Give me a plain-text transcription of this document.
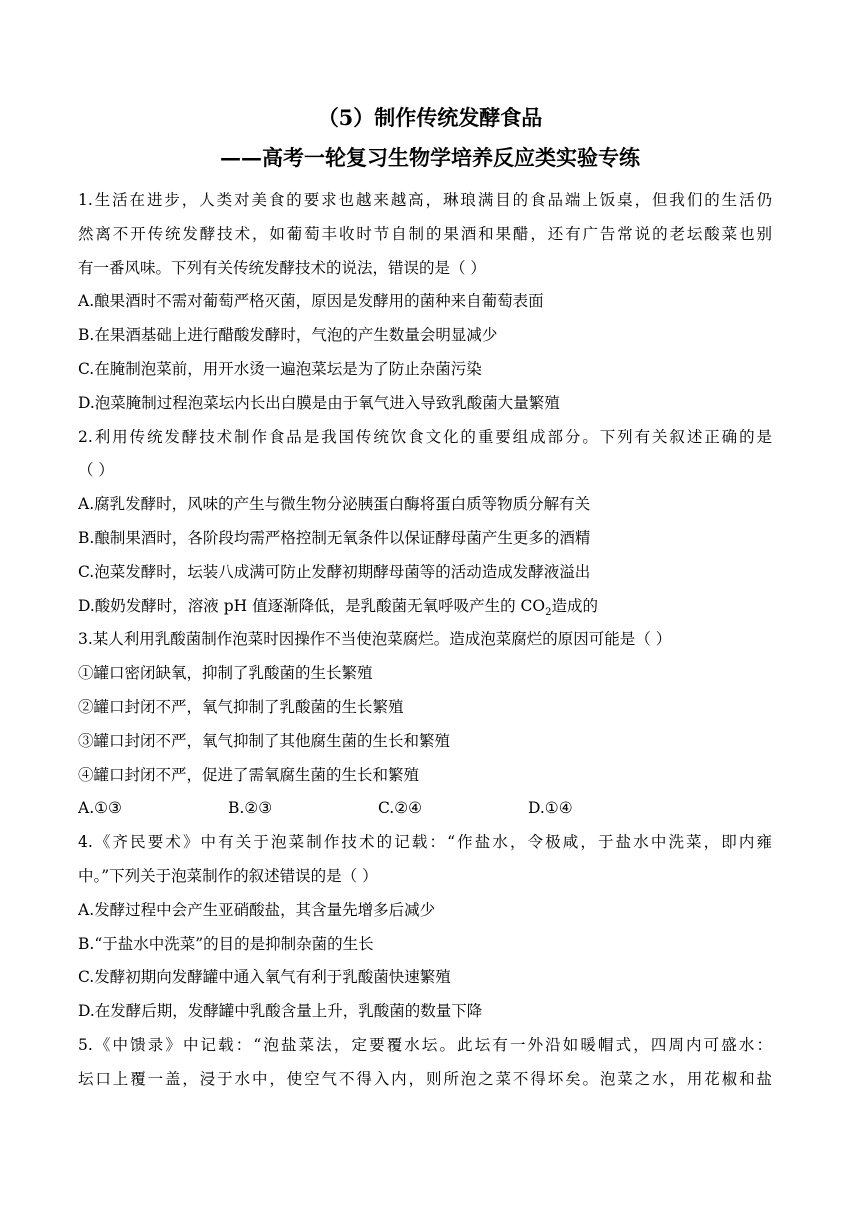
（5）制作传统发酵食品
——高考一轮复习生物学培养反应类实验专练
1.生活在进步，人类对美食的要求也越来越高，琳琅满目的食品端上饭桌，但我们的生活仍
然离不开传统发酵技术，如葡萄丰收时节自制的果酒和果醋，还有广告常说的老坛酸菜也别
有一番风味。下列有关传统发酵技术的说法，错误的是（ ）
A.酿果酒时不需对葡萄严格灭菌，原因是发酵用的菌种来自葡萄表面
B.在果酒基础上进行醋酸发酵时，气泡的产生数量会明显减少
C.在腌制泡菜前，用开水烫一遍泡菜坛是为了防止杂菌污染
D.泡菜腌制过程泡菜坛内长出白膜是由于氧气进入导致乳酸菌大量繁殖
2.利用传统发酵技术制作食品是我国传统饮食文化的重要组成部分。下列有关叙述正确的是
（ ）
A.腐乳发酵时，风味的产生与微生物分泌胰蛋白酶将蛋白质等物质分解有关
B.酿制果酒时，各阶段均需严格控制无氧条件以保证酵母菌产生更多的酒精
C.泡菜发酵时，坛装八成满可防止发酵初期酵母菌等的活动造成发酵液溢出
D.酸奶发酵时，溶液 pH 值逐渐降低，是乳酸菌无氧呼吸产生的 $CO_2$造成的
3.某人利用乳酸菌制作泡菜时因操作不当使泡菜腐烂。造成泡菜腐烂的原因可能是（ ）
①罐口密闭缺氧，抑制了乳酸菌的生长繁殖
②罐口封闭不严，氧气抑制了乳酸菌的生长繁殖
③罐口封闭不严，氧气抑制了其他腐生菌的生长和繁殖
④罐口封闭不严，促进了需氧腐生菌的生长和繁殖
A.①③	B.②③	C.②④	D.①④
4.《齐民要术》中有关于泡菜制作技术的记载：“作盐水，令极咸，于盐水中洗菜，即内雍
中。”下列关于泡菜制作的叙述错误的是（ ）
A.发酵过程中会产生亚硝酸盐，其含量先增多后减少
B.“于盐水中洗菜”的目的是抑制杂菌的生长
C.发酵初期向发酵罐中通入氧气有利于乳酸菌快速繁殖
D.在发酵后期，发酵罐中乳酸含量上升，乳酸菌的数量下降
5.《中馈录》中记载：“泡盐菜法，定要覆水坛。此坛有一外沿如暖帽式，四周内可盛水：
坛口上覆一盖，浸于水中，使空气不得入内，则所泡之菜不得坏矣。泡菜之水，用花椒和盐
